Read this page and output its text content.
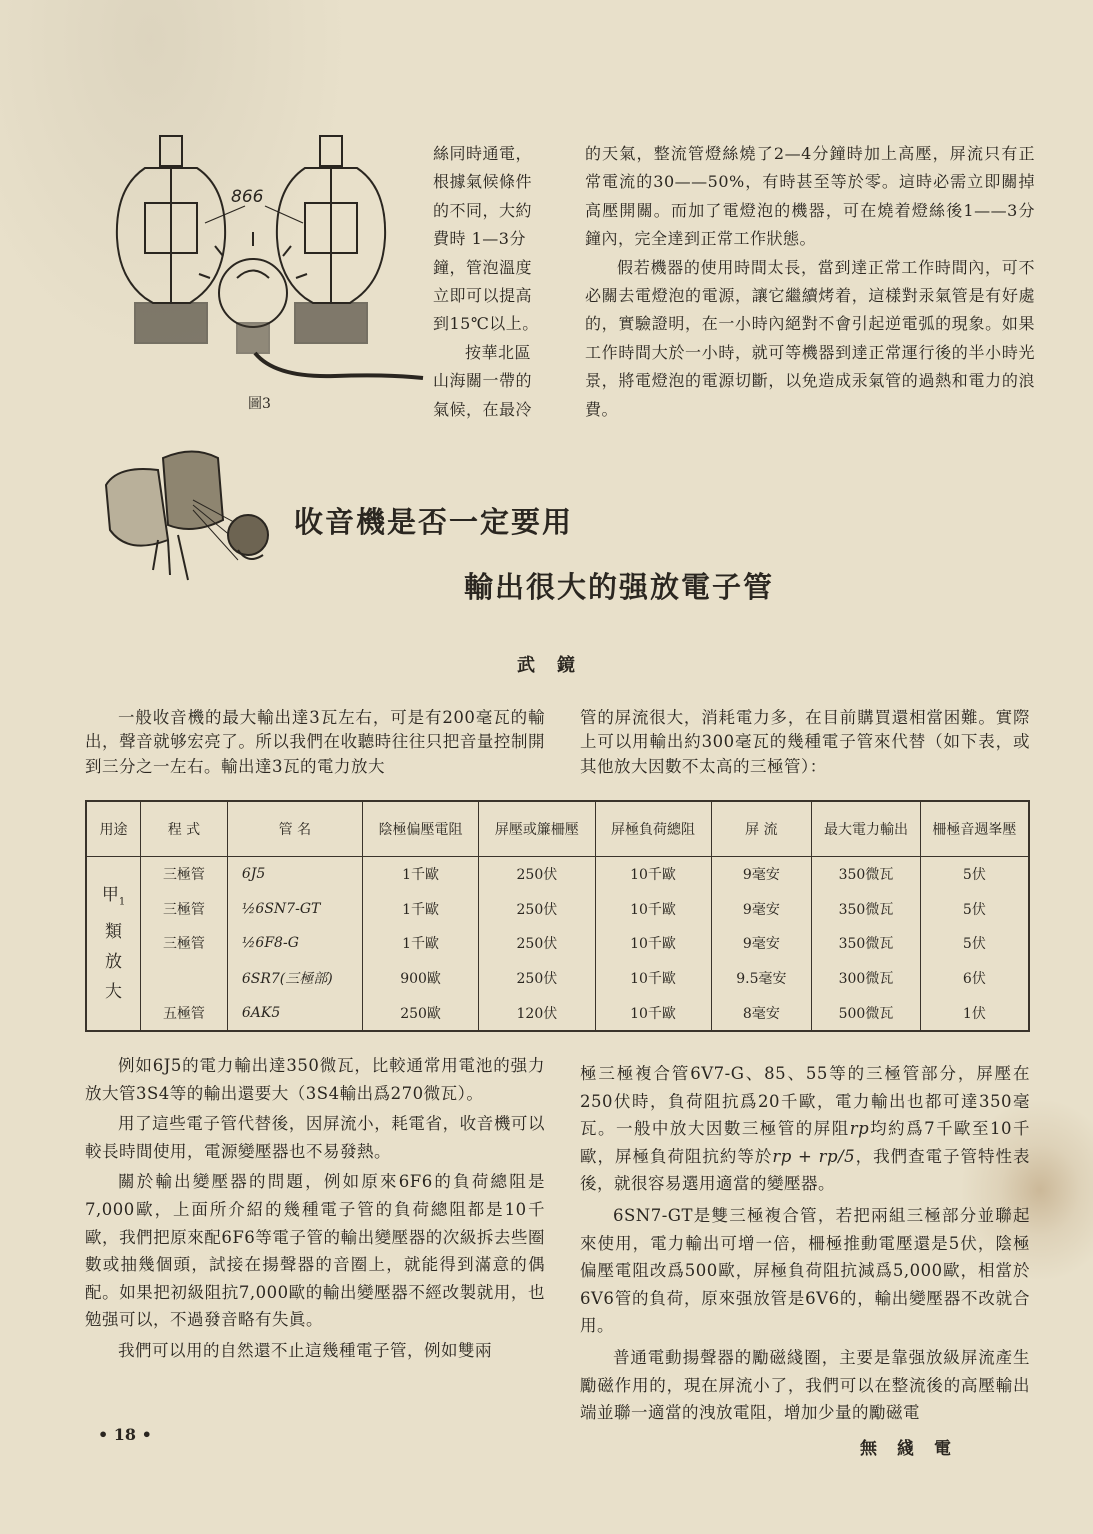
866
圖3
絲同時通電，
根據氣候條件
的不同，大約
費時 1—3分
鐘，管泡溫度
立即可以提高
到15℃以上。
按華北區
山海關一帶的
氣候，在最冷
的天氣，整流管燈絲燒了2—4分鐘時加上高壓，屏流只有正常電流的30——50%，有時甚至等於零。這時必需立即關掉高壓開關。而加了電燈泡的機器，可在燒着燈絲後1——3分鐘內，完全達到正常工作狀態。
假若機器的使用時間太長，當到達正常工作時間內，可不必關去電燈泡的電源，讓它繼續烤着，這樣對汞氣管是有好處的，實驗證明，在一小時內絕對不會引起逆電弧的現象。如果工作時間大於一小時，就可等機器到達正常運行後的半小時光景，將電燈泡的電源切斷，以免造成汞氣管的過熱和電力的浪費。
收音機是否一定要用
輸出很大的强放電子管
武鏡
一般收音機的最大輸出達3瓦左右，可是有200毫瓦的輸出，聲音就够宏亮了。所以我們在收聽時往往只把音量控制開到三分之一左右。輸出達3瓦的電力放大
管的屏流很大，消耗電力多，在目前購買還相當困難。實際上可以用輸出約300毫瓦的幾種電子管來代替（如下表，或其他放大因數不太高的三極管）：
用途	程 式	管 名	陰極偏壓電阻	屏壓或簾柵壓	屏極負荷總阻	屏 流	最大電力輸出	柵極音週峯壓

甲$_1$
類
放
大	三極管	6J5	1千歐	250伏	10千歐	9毫安	350微瓦	5伏
	三極管	½6SN7-GT	1千歐	250伏	10千歐	9毫安	350微瓦	5伏
	三極管	½6F8-G	1千歐	250伏	10千歐	9毫安	350微瓦	5伏
		6SR7(三極部)	900歐	250伏	10千歐	9.5毫安	300微瓦	6伏
	五極管	6AK5	250歐	120伏	10千歐	8毫安	500微瓦	1伏
例如6J5的電力輸出達350微瓦，比較通常用電池的强力放大管3S4等的輸出還要大（3S4輸出爲270微瓦）。
用了這些電子管代替後，因屏流小，耗電省，收音機可以較長時間使用，電源變壓器也不易發熱。
關於輸出變壓器的問題，例如原來6F6的負荷總阻是7,000歐，上面所介紹的幾種電子管的負荷總阻都是10千歐，我們把原來配6F6等電子管的輸出變壓器的次級拆去些圈數或抽幾個頭，試接在揚聲器的音圈上，就能得到滿意的偶配。如果把初級阻抗7,000歐的輸出變壓器不經改製就用，也勉强可以，不過發音略有失眞。
我們可以用的自然還不止這幾種電子管，例如雙兩
極三極複合管6V7-G、85、55等的三極管部分，屏壓在250伏時，負荷阻抗爲20千歐，電力輸出也都可達350毫瓦。一般中放大因數三極管的屏阻rp均約爲7千歐至10千歐，屏極負荷阻抗約等於rp + rp/5，我們查電子管特性表後，就很容易選用適當的變壓器。
6SN7-GT是雙三極複合管，若把兩組三極部分並聯起來使用，電力輸出可增一倍，柵極推動電壓還是5伏，陰極偏壓電阻改爲500歐，屏極負荷阻抗減爲5,000歐，相當於6V6管的負荷，原來强放管是6V6的，輸出變壓器不改就合用。
普通電動揚聲器的勵磁綫圈，主要是靠强放級屏流產生勵磁作用的，現在屏流小了，我們可以在整流後的高壓輸出端並聯一適當的洩放電阻，增加少量的勵磁電
• 18 •
無綫電
